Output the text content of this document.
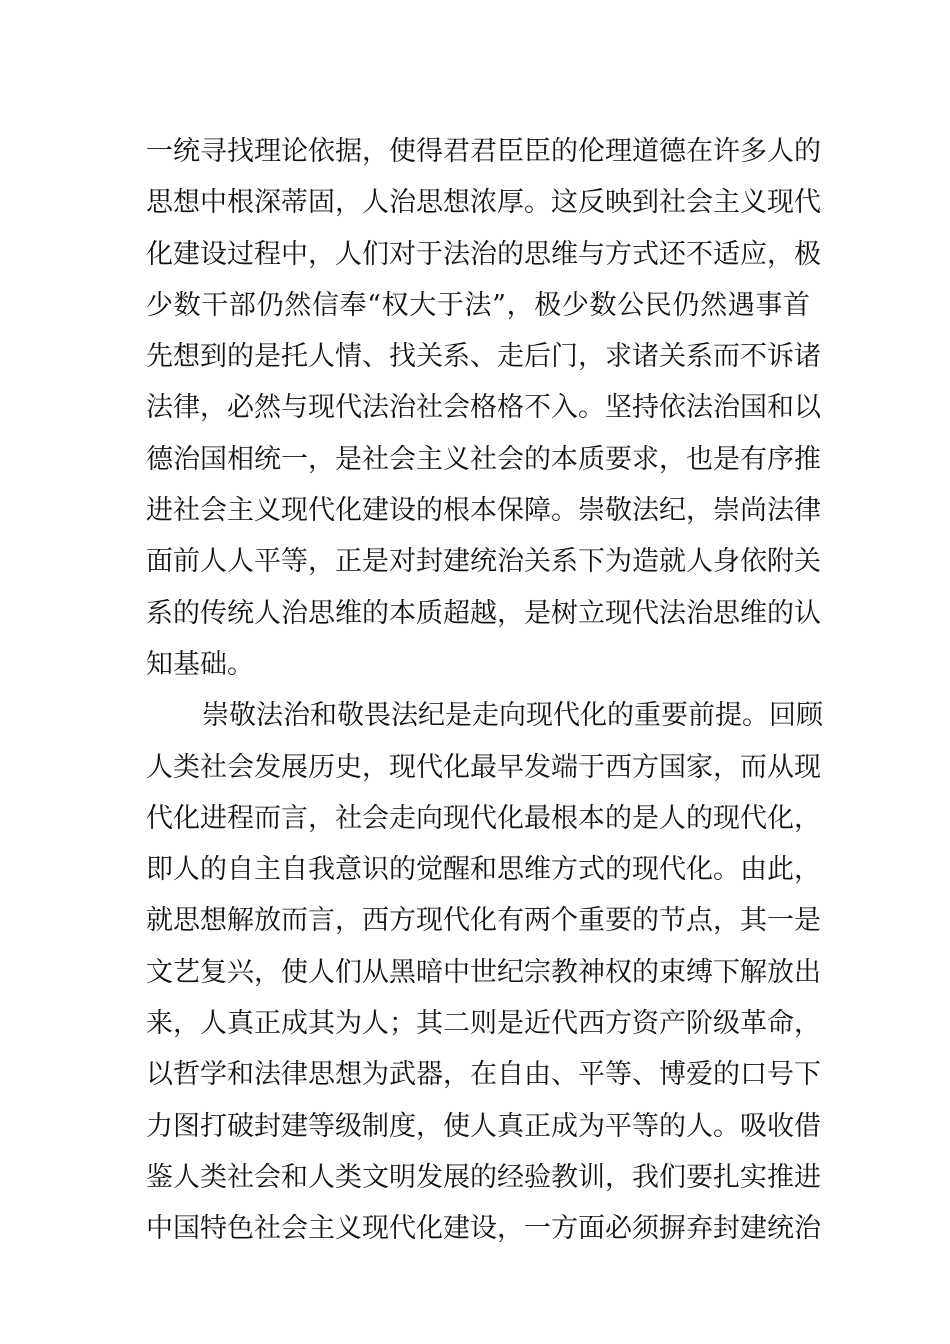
一统寻找理论依据，使得君君臣臣的伦理道德在许多人的
思想中根深蒂固，人治思想浓厚。这反映到社会主义现代
化建设过程中，人们对于法治的思维与方式还不适应，极
少数干部仍然信奉“权大于法”，极少数公民仍然遇事首
先想到的是托人情、找关系、走后门，求诸关系而不诉诸
法律，必然与现代法治社会格格不入。坚持依法治国和以
德治国相统一，是社会主义社会的本质要求，也是有序推
进社会主义现代化建设的根本保障。崇敬法纪，崇尚法律
面前人人平等，正是对封建统治关系下为造就人身依附关
系的传统人治思维的本质超越，是树立现代法治思维的认
知基础。
崇敬法治和敬畏法纪是走向现代化的重要前提。回顾
人类社会发展历史，现代化最早发端于西方国家，而从现
代化进程而言，社会走向现代化最根本的是人的现代化，
即人的自主自我意识的觉醒和思维方式的现代化。由此，
就思想解放而言，西方现代化有两个重要的节点，其一是
文艺复兴，使人们从黑暗中世纪宗教神权的束缚下解放出
来，人真正成其为人；其二则是近代西方资产阶级革命，
以哲学和法律思想为武器，在自由、平等、博爱的口号下
力图打破封建等级制度，使人真正成为平等的人。吸收借
鉴人类社会和人类文明发展的经验教训，我们要扎实推进
中国特色社会主义现代化建设，一方面必须摒弃封建统治
